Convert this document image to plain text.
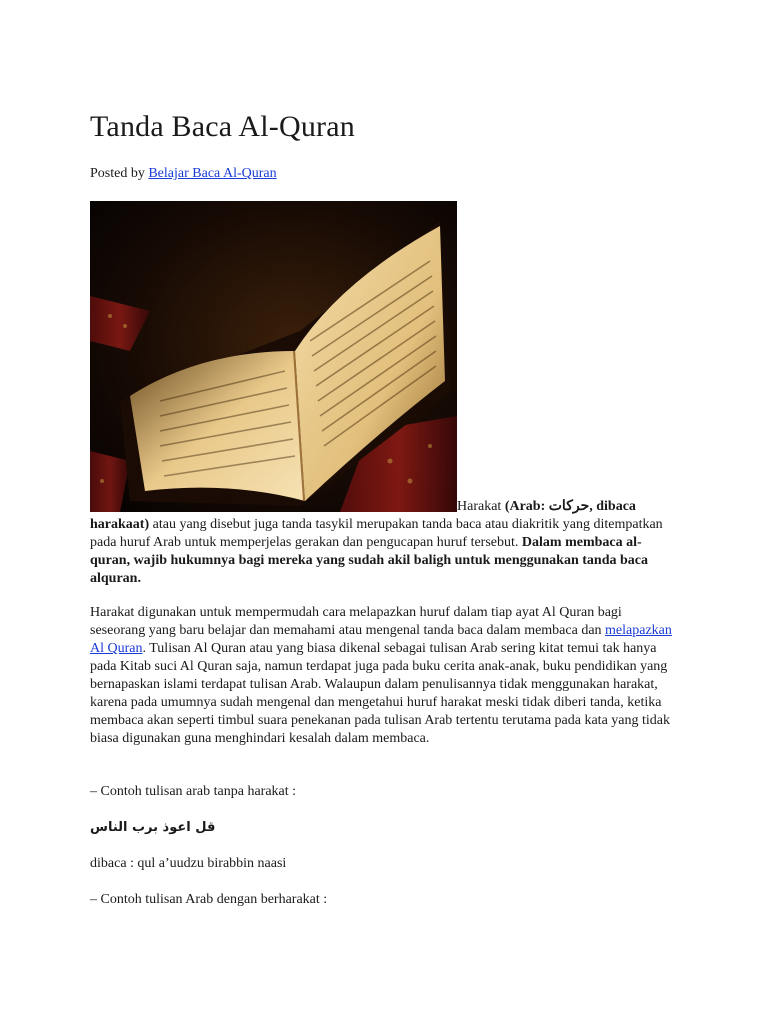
Tanda Baca Al-Quran
Posted by Belajar Baca Al-Quran

Harakat (Arab: حركات, dibaca harakaat) atau yang disebut juga tanda tasykil merupakan tanda baca atau diakritik yang ditempatkan pada huruf Arab untuk memperjelas gerakan dan pengucapan huruf tersebut. Dalam membaca al-quran, wajib hukumnya bagi mereka yang sudah akil baligh untuk menggunakan tanda baca alquran.

Harakat digunakan untuk mempermudah cara melapazkan huruf dalam tiap ayat Al Quran bagi seseorang yang baru belajar dan memahami atau mengenal tanda baca dalam membaca dan melapazkan Al Quran. Tulisan Al Quran atau yang biasa dikenal sebagai tulisan Arab sering kitat temui tak hanya pada Kitab suci Al Quran saja, namun terdapat juga pada buku cerita anak-anak, buku pendidikan yang bernapaskan islami terdapat tulisan Arab. Walaupun dalam penulisannya tidak menggunakan harakat, karena pada umumnya sudah mengenal dan mengetahui huruf harakat meski tidak diberi tanda, ketika membaca akan seperti timbul suara penekanan pada tulisan Arab tertentu terutama pada kata yang tidak biasa digunakan guna menghindari kesalah dalam membaca.

– Contoh tulisan arab tanpa harakat :

قل اعوذ برب الناس

dibaca : qul a’uudzu birabbin naasi

– Contoh tulisan Arab dengan berharakat :
